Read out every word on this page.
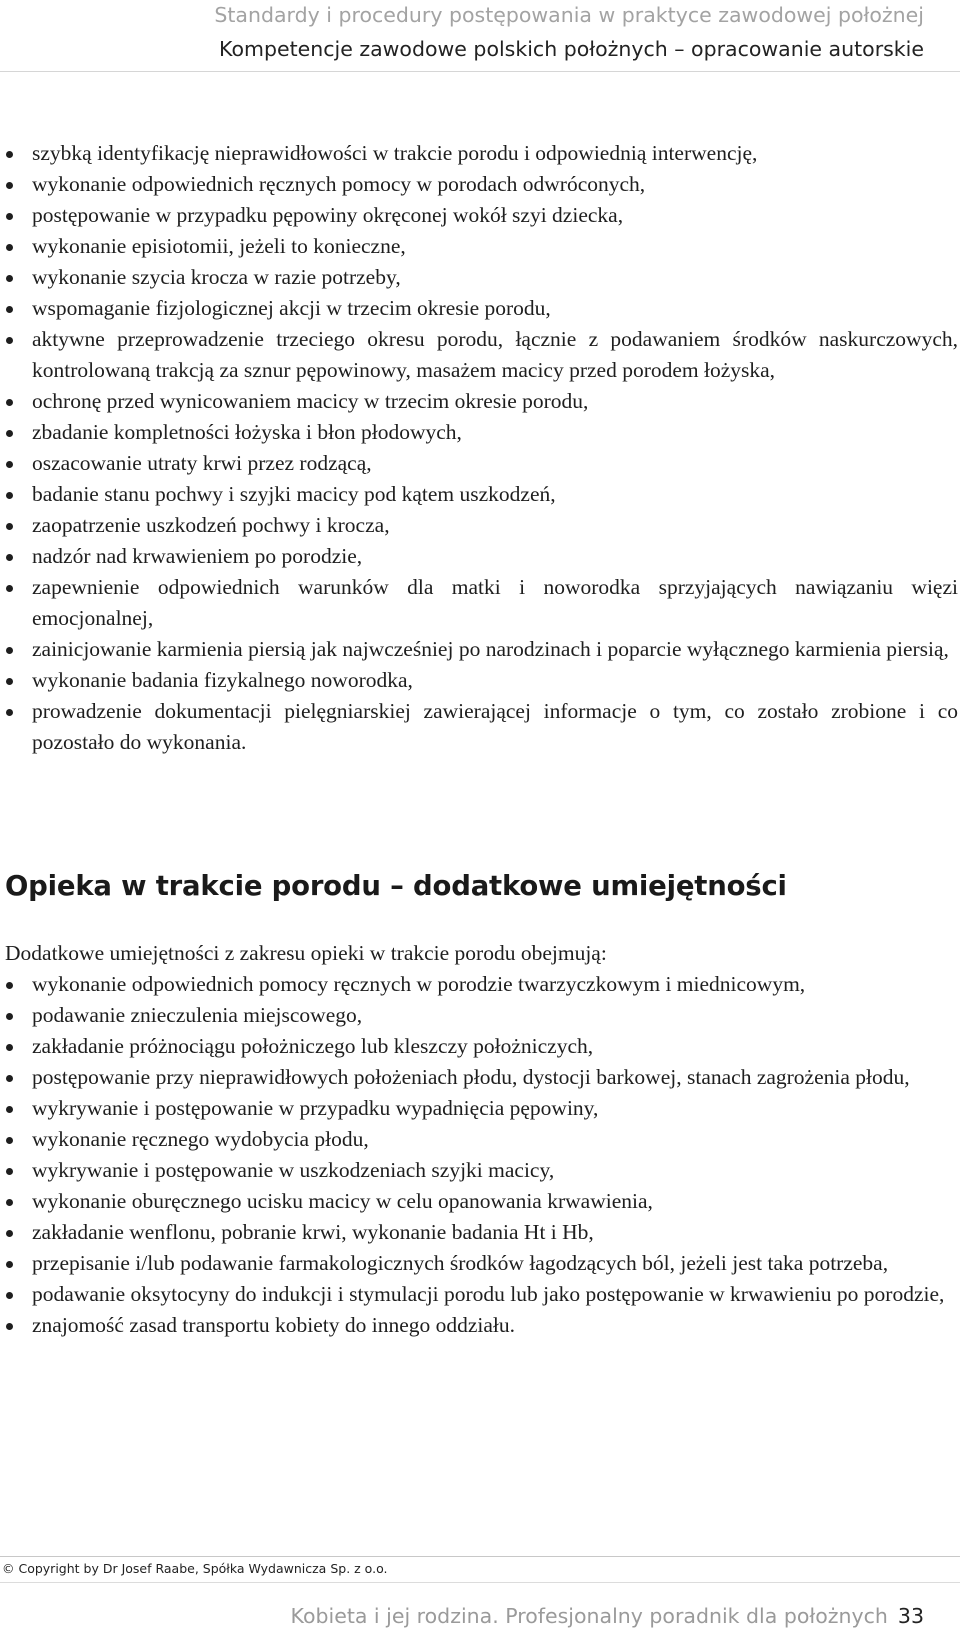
Standardy i procedury postępowania w praktyce zawodowej położnej
Kompetencje zawodowe polskich położnych – opracowanie autorskie
szybką identyfikację nieprawidłowości w trakcie porodu i odpowiednią interwencję,
wykonanie odpowiednich ręcznych pomocy w porodach odwróconych,
postępowanie w przypadku pępowiny okręconej wokół szyi dziecka,
wykonanie episiotomii, jeżeli to konieczne,
wykonanie szycia krocza w razie potrzeby,
wspomaganie fizjologicznej akcji w trzecim okresie porodu,
aktywne przeprowadzenie trzeciego okresu porodu, łącznie z podawaniem środków naskurczowych, kontrolowaną trakcją za sznur pępowinowy, masażem macicy przed porodem łożyska,
ochronę przed wynicowaniem macicy w trzecim okresie porodu,
zbadanie kompletności łożyska i błon płodowych,
oszacowanie utraty krwi przez rodzącą,
badanie stanu pochwy i szyjki macicy pod kątem uszkodzeń,
zaopatrzenie uszkodzeń pochwy i krocza,
nadzór nad krwawieniem po porodzie,
zapewnienie odpowiednich warunków dla matki i noworodka sprzyjających nawiązaniu więzi emocjonalnej,
zainicjowanie karmienia piersią jak najwcześniej po narodzinach i poparcie wyłącznego karmienia piersią,
wykonanie badania fizykalnego noworodka,
prowadzenie dokumentacji pielęgniarskiej zawierającej informacje o tym, co zostało zrobione i co pozostało do wykonania.
Opieka w trakcie porodu – dodatkowe umiejętności
Dodatkowe umiejętności z zakresu opieki w trakcie porodu obejmują:
wykonanie odpowiednich pomocy ręcznych w porodzie twarzyczkowym i miednicowym,
podawanie znieczulenia miejscowego,
zakładanie próżnociągu położniczego lub kleszczy położniczych,
postępowanie przy nieprawidłowych położeniach płodu, dystocji barkowej, stanach zagrożenia płodu,
wykrywanie i postępowanie w przypadku wypadnięcia pępowiny,
wykonanie ręcznego wydobycia płodu,
wykrywanie i postępowanie w uszkodzeniach szyjki macicy,
wykonanie oburęcznego ucisku macicy w celu opanowania krwawienia,
zakładanie wenflonu, pobranie krwi, wykonanie badania Ht i Hb,
przepisanie i/lub podawanie farmakologicznych środków łagodzących ból, jeżeli jest taka potrzeba,
podawanie oksytocyny do indukcji i stymulacji porodu lub jako postępowanie w krwawieniu po porodzie,
znajomość zasad transportu kobiety do innego oddziału.
© Copyright by Dr Josef Raabe, Spółka Wydawnicza Sp. z o.o.
Kobieta i jej rodzina. Profesjonalny poradnik dla położnych 33
